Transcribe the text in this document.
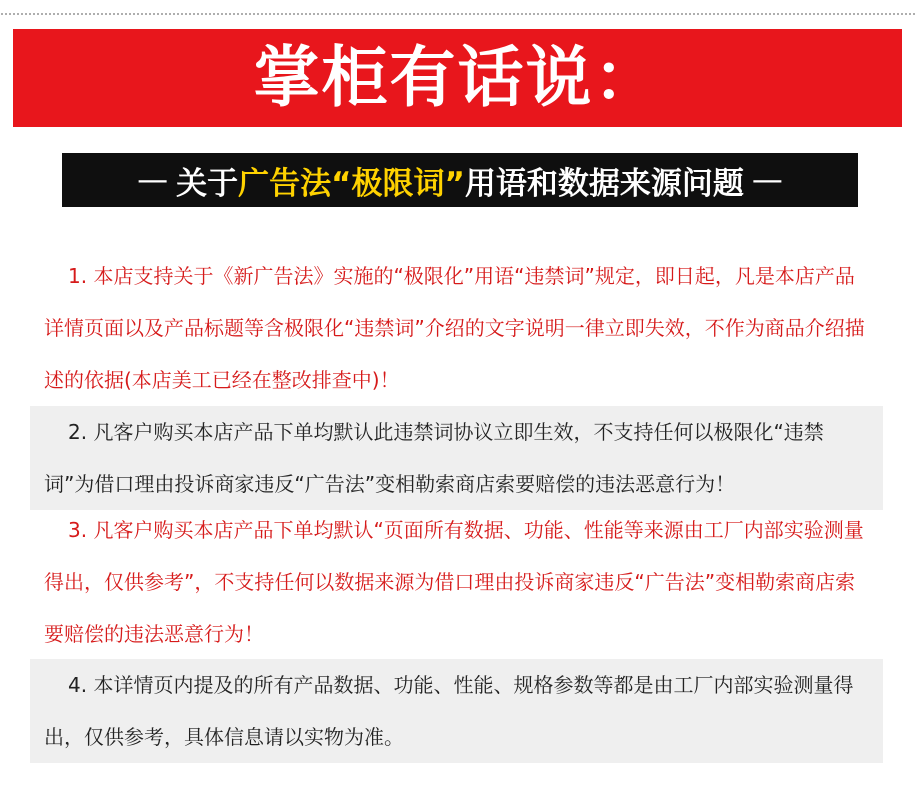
掌柜有话说：
— 关于 广告法“极限词” 用语和数据来源问题 —
1. 本店支持关于《新广告法》实施的“极限化”用语“违禁词”规定，即日起，凡是本店产品详情页面以及产品标题等含极限化“违禁词”介绍的文字说明一律立即失效，不作为商品介绍描述的依据(本店美工已经在整改排查中)！
2. 凡客户购买本店产品下单均默认此违禁词协议立即生效，不支持任何以极限化“违禁词”为借口理由投诉商家违反“广告法”变相勒索商店索要赔偿的违法恶意行为！
3. 凡客户购买本店产品下单均默认“页面所有数据、功能、性能等来源由工厂内部实验测量得出，仅供参考”，不支持任何以数据来源为借口理由投诉商家违反“广告法”变相勒索商店索要赔偿的违法恶意行为！
4. 本详情页内提及的所有产品数据、功能、性能、规格参数等都是由工厂内部实验测量得出，仅供参考，具体信息请以实物为准。
